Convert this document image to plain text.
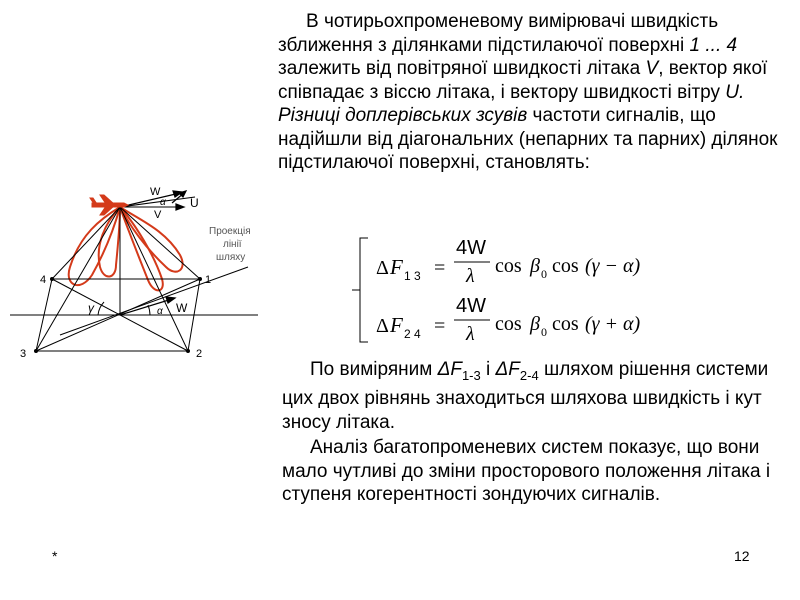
В чотирьохпроменевому вимірювачі швидкість зближення з ділянками підстилаючої поверхні 1 ... 4 залежить від повітряної швидкості літака V, вектор якої співпадає з віссю літака, і вектору швидкості вітру U. Різниці доплерівських зсувів частоти сигналів, що надійшли від діагональних (непарних та парних) ділянок підстилаючої поверхні, становлять:

W
α
V
U
Проекція
лінії
шляху
4	1
γ	α W
3	2
Δ F 1 3 =
4W
λ cos β 0 cos (γ − α)
Δ F 2 4 =
4W
λ cos β 0 cos (γ + α)

По виміряним $\Delta F_{1-3}$ і $\Delta F_{2-4}$ шляхом рішення системи цих двох рівнянь знаходиться шляхова швидкість і кут зносу літака.

Аналіз багатопроменевих систем показує, що вони мало чутливі до зміни просторового положення літака і ступеня когерентності зондуючих сигналів.

*	12
